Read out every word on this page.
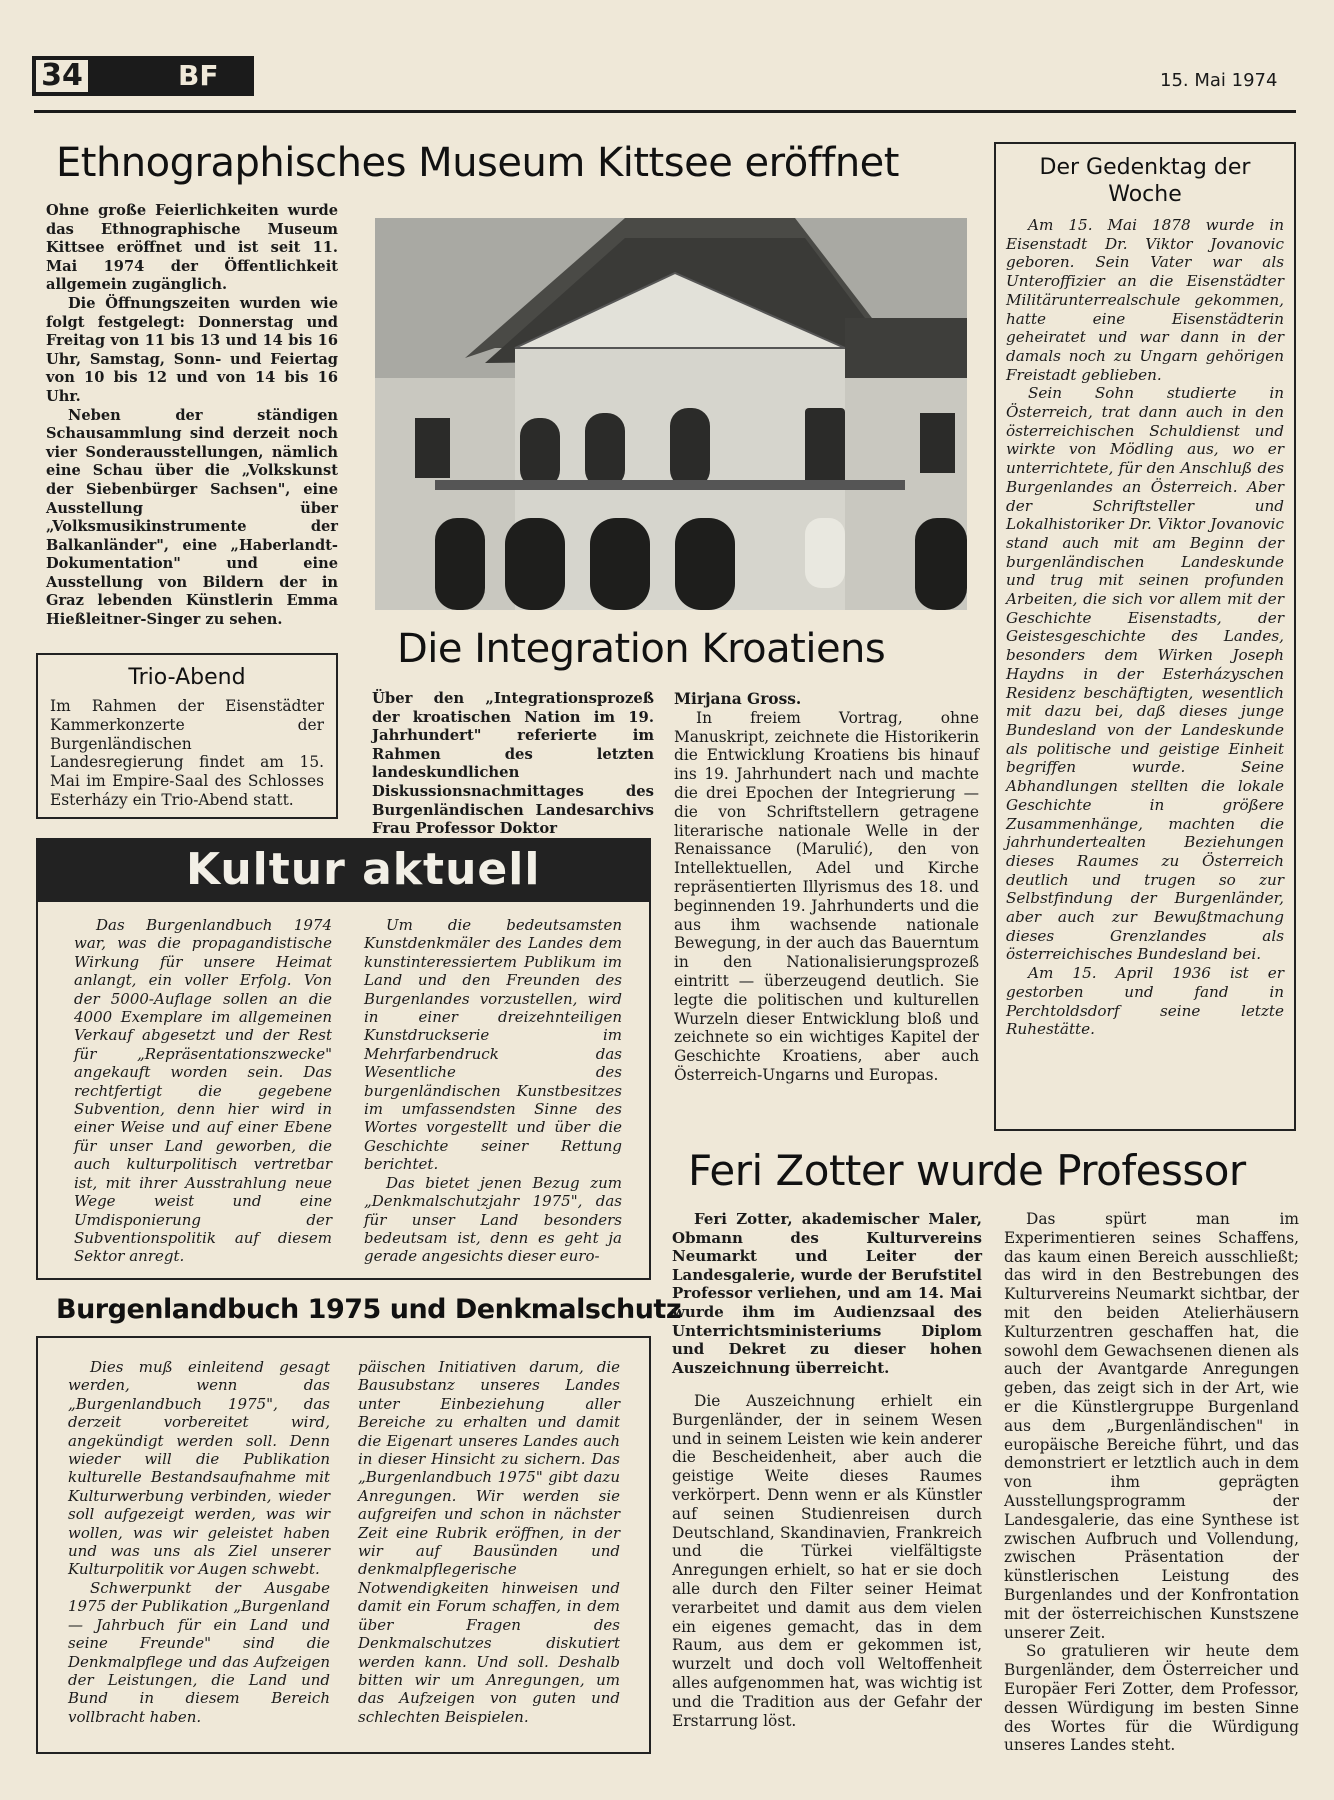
34	BF	15. Mai 1974
Ethnographisches Museum Kittsee eröffnet

Ohne große Feierlichkeiten wurde das Ethnographische Museum Kittsee eröffnet und ist seit 11. Mai 1974 der Öffentlichkeit allgemein zugänglich.

Die Öffnungszeiten wurden wie folgt festgelegt: Donnerstag und Freitag von 11 bis 13 und 14 bis 16 Uhr, Samstag, Sonn- und Feiertag von 10 bis 12 und von 14 bis 16 Uhr.

Neben der ständigen Schausammlung sind derzeit noch vier Sonderausstellungen, nämlich eine Schau über die „Volkskunst der Siebenbürger Sachsen", eine Ausstellung über „Volksmusikinstrumente der Balkanländer", eine „Haberlandt-Dokumentation" und eine Ausstellung von Bildern der in Graz lebenden Künstlerin Emma Hießleitner-Singer zu sehen.

Der Gedenktag der
Woche

Am 15. Mai 1878 wurde in Eisenstadt Dr. Viktor Jovanovic geboren. Sein Vater war als Unteroffizier an die Eisenstädter Militärunterrealschule gekommen, hatte eine Eisenstädterin geheiratet und war dann in der damals noch zu Ungarn gehörigen Freistadt geblieben.

Sein Sohn studierte in Österreich, trat dann auch in den österreichischen Schuldienst und wirkte von Mödling aus, wo er unterrichtete, für den Anschluß des Burgenlandes an Österreich. Aber der Schriftsteller und Lokalhistoriker Dr. Viktor Jovanovic stand auch mit am Beginn der burgenländischen Landeskunde und trug mit seinen profunden Arbeiten, die sich vor allem mit der Geschichte Eisenstadts, der Geistesgeschichte des Landes, besonders dem Wirken Joseph Haydns in der Esterházyschen Residenz beschäftigten, wesentlich mit dazu bei, daß dieses junge Bundesland von der Landeskunde als politische und geistige Einheit begriffen wurde. Seine Abhandlungen stellten die lokale Geschichte in größere Zusammenhänge, machten die jahrhundertealten Beziehungen dieses Raumes zu Österreich deutlich und trugen so zur Selbstfindung der Burgenländer, aber auch zur Bewußtmachung dieses Grenzlandes als österreichisches Bundesland bei.

Am 15. April 1936 ist er gestorben und fand in Perchtoldsdorf seine letzte Ruhestätte.

Trio-Abend
Im Rahmen der Eisenstädter Kammerkonzerte der Burgenländischen Landesregierung findet am 15. Mai im Empire-Saal des Schlosses Esterházy ein Trio-Abend statt.
Die Integration Kroatiens
Über den „Integrationsprozeß der kroatischen Nation im 19. Jahrhundert" referierte im Rahmen des letzten landeskundlichen Diskussionsnachmittages des Burgenländischen Landesarchivs Frau Professor Doktor

Mirjana Gross.

In freiem Vortrag, ohne Manuskript, zeichnete die Historikerin die Entwicklung Kroatiens bis hinauf ins 19. Jahrhundert nach und machte die drei Epochen der Integrierung — die von Schriftstellern getragene literarische nationale Welle in der Renaissance (Marulić), den von Intellektuellen, Adel und Kirche repräsentierten Illyrismus des 18. und beginnenden 19. Jahrhunderts und die aus ihm wachsende nationale Bewegung, in der auch das Bauerntum in den Nationalisierungsprozeß eintritt — überzeugend deutlich. Sie legte die politischen und kulturellen Wurzeln dieser Entwicklung bloß und zeichnete so ein wichtiges Kapitel der Geschichte Kroatiens, aber auch Österreich-Ungarns und Europas.

Kultur aktuell

Das Burgenlandbuch 1974 war, was die propagandistische Wirkung für unsere Heimat anlangt, ein voller Erfolg. Von der 5000-Auflage sollen an die 4000 Exemplare im allgemeinen Verkauf abgesetzt und der Rest für „Repräsentationszwecke" angekauft worden sein. Das rechtfertigt die gegebene Subvention, denn hier wird in einer Weise und auf einer Ebene für unser Land geworben, die auch kulturpolitisch vertretbar ist, mit ihrer Ausstrahlung neue Wege weist und eine Umdisponierung der Subventionspolitik auf diesem Sektor anregt.

Um die bedeutsamsten Kunstdenkmäler des Landes dem kunstinteressiertem Publikum im Land und den Freunden des Burgenlandes vorzustellen, wird in einer dreizehnteiligen Kunstdruckserie im Mehrfarbendruck das Wesentliche des burgenländischen Kunstbesitzes im umfassendsten Sinne des Wortes vorgestellt und über die Geschichte seiner Rettung berichtet.

Das bietet jenen Bezug zum „Denkmalschutzjahr 1975", das für unser Land besonders bedeutsam ist, denn es geht ja gerade angesichts dieser euro-

Burgenlandbuch 1975 und Denkmalschutz

Dies muß einleitend gesagt werden, wenn das „Burgenlandbuch 1975", das derzeit vorbereitet wird, angekündigt werden soll. Denn wieder will die Publikation kulturelle Bestandsaufnahme mit Kulturwerbung verbinden, wieder soll aufgezeigt werden, was wir wollen, was wir geleistet haben und was uns als Ziel unserer Kulturpolitik vor Augen schwebt.

Schwerpunkt der Ausgabe 1975 der Publikation „Burgenland — Jahrbuch für ein Land und seine Freunde" sind die Denkmalpflege und das Aufzeigen der Leistungen, die Land und Bund in diesem Bereich vollbracht haben.

päischen Initiativen darum, die Bausubstanz unseres Landes unter Einbeziehung aller Bereiche zu erhalten und damit die Eigenart unseres Landes auch in dieser Hinsicht zu sichern. Das „Burgenlandbuch 1975" gibt dazu Anregungen. Wir werden sie aufgreifen und schon in nächster Zeit eine Rubrik eröffnen, in der wir auf Bausünden und denkmalpflegerische Notwendigkeiten hinweisen und damit ein Forum schaffen, in dem über Fragen des Denkmalschutzes diskutiert werden kann. Und soll. Deshalb bitten wir um Anregungen, um das Aufzeigen von guten und schlechten Beispielen.

Feri Zotter wurde Professor

Feri Zotter, akademischer Maler, Obmann des Kulturvereins Neumarkt und Leiter der Landesgalerie, wurde der Berufstitel Professor verliehen, und am 14. Mai wurde ihm im Audienzsaal des Unterrichtsministeriums Diplom und Dekret zu dieser hohen Auszeichnung überreicht.

Die Auszeichnung erhielt ein Burgenländer, der in seinem Wesen und in seinem Leisten wie kein anderer die Bescheidenheit, aber auch die geistige Weite dieses Raumes verkörpert. Denn wenn er als Künstler auf seinen Studienreisen durch Deutschland, Skandinavien, Frankreich und die Türkei vielfältigste Anregungen erhielt, so hat er sie doch alle durch den Filter seiner Heimat verarbeitet und damit aus dem vielen ein eigenes gemacht, das in dem Raum, aus dem er gekommen ist, wurzelt und doch voll Weltoffenheit alles aufgenommen hat, was wichtig ist und die Tradition aus der Gefahr der Erstarrung löst.

Das spürt man im Experimentieren seines Schaffens, das kaum einen Bereich ausschließt; das wird in den Bestrebungen des Kulturvereins Neumarkt sichtbar, der mit den beiden Atelierhäusern Kulturzentren geschaffen hat, die sowohl dem Gewachsenen dienen als auch der Avantgarde Anregungen geben, das zeigt sich in der Art, wie er die Künstlergruppe Burgenland aus dem „Burgenländischen" in europäische Bereiche führt, und das demonstriert er letztlich auch in dem von ihm geprägten Ausstellungsprogramm der Landesgalerie, das eine Synthese ist zwischen Aufbruch und Vollendung, zwischen Präsentation der künstlerischen Leistung des Burgenlandes und der Konfrontation mit der österreichischen Kunstszene unserer Zeit.

So gratulieren wir heute dem Burgenländer, dem Österreicher und Europäer Feri Zotter, dem Professor, dessen Würdigung im besten Sinne des Wortes für die Würdigung unseres Landes steht.
